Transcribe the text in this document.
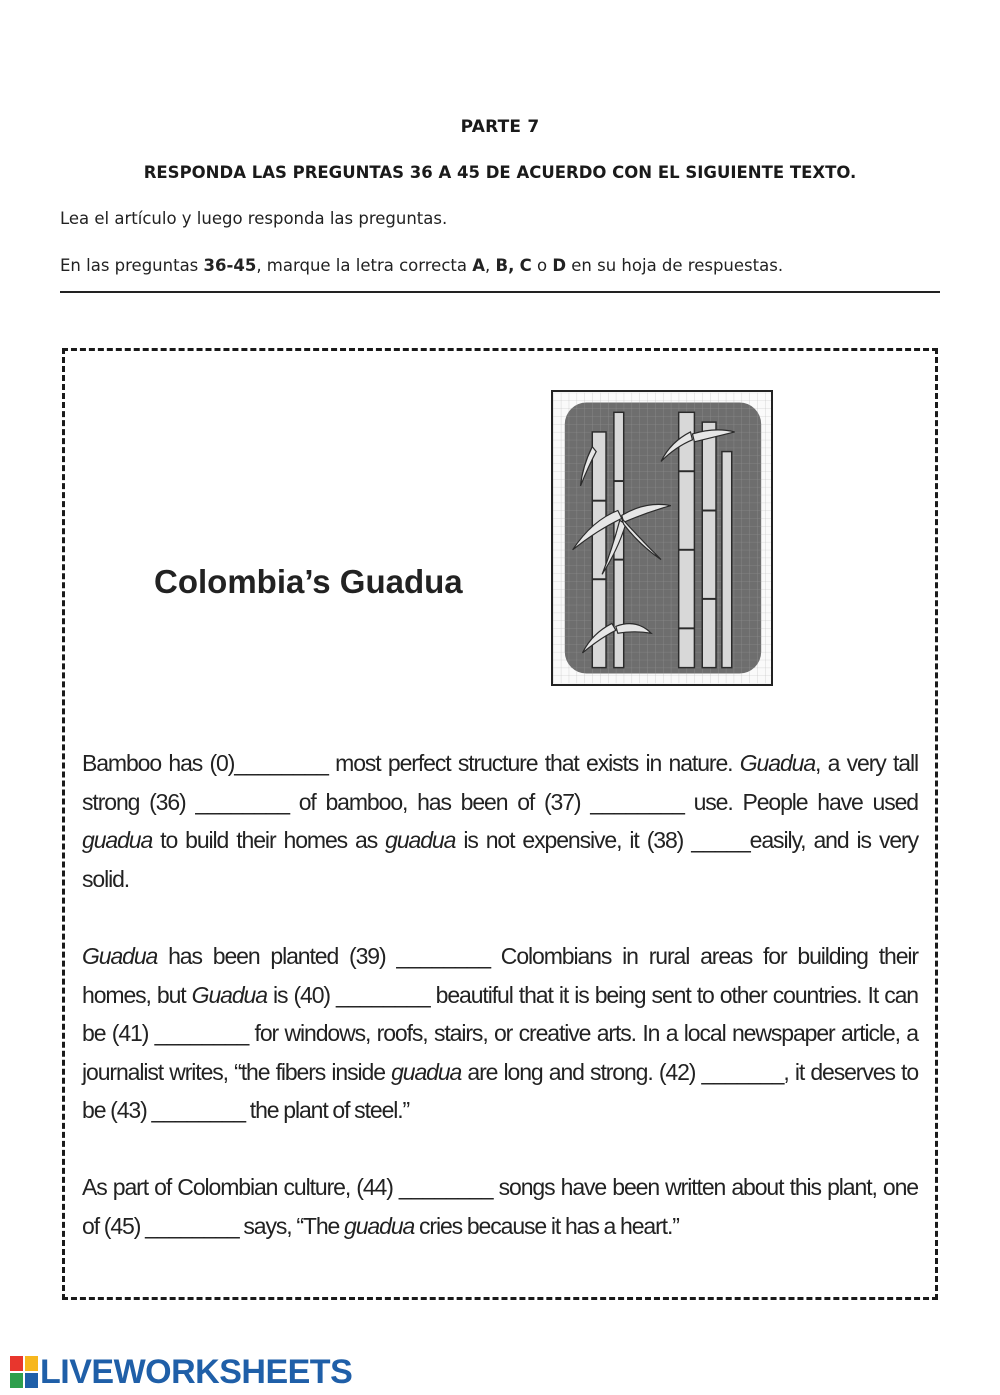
PARTE 7
RESPONDA LAS PREGUNTAS 36 A 45 DE ACUERDO CON EL SIGUIENTE TEXTO.
Lea el artículo y luego responda las preguntas.
En las preguntas 36-45, marque la letra correcta A, B, C o D en su hoja de respuestas.
Colombia’s Guadua
Bamboo has (0)________ most perfect structure that exists in nature. Guadua, a very tall strong (36) ________ of bamboo, has been of (37) ________ use. People have used guadua to build their homes as guadua is not expensive, it (38) _____easily, and is very solid.
Guadua has been planted (39) ________ Colombians in rural areas for building their homes, but Guadua is (40) ________ beautiful that it is being sent to other countries. It can be (41) ________ for windows, roofs, stairs, or creative arts. In a local newspaper article, a journalist writes, “the fibers inside guadua are long and strong. (42) _______, it deserves to be (43) ________ the plant of steel.”
As part of Colombian culture, (44) ________ songs have been written about this plant, one of (45) ________ says, “The guadua cries because it has a heart.”
LIVEWORKSHEETS
